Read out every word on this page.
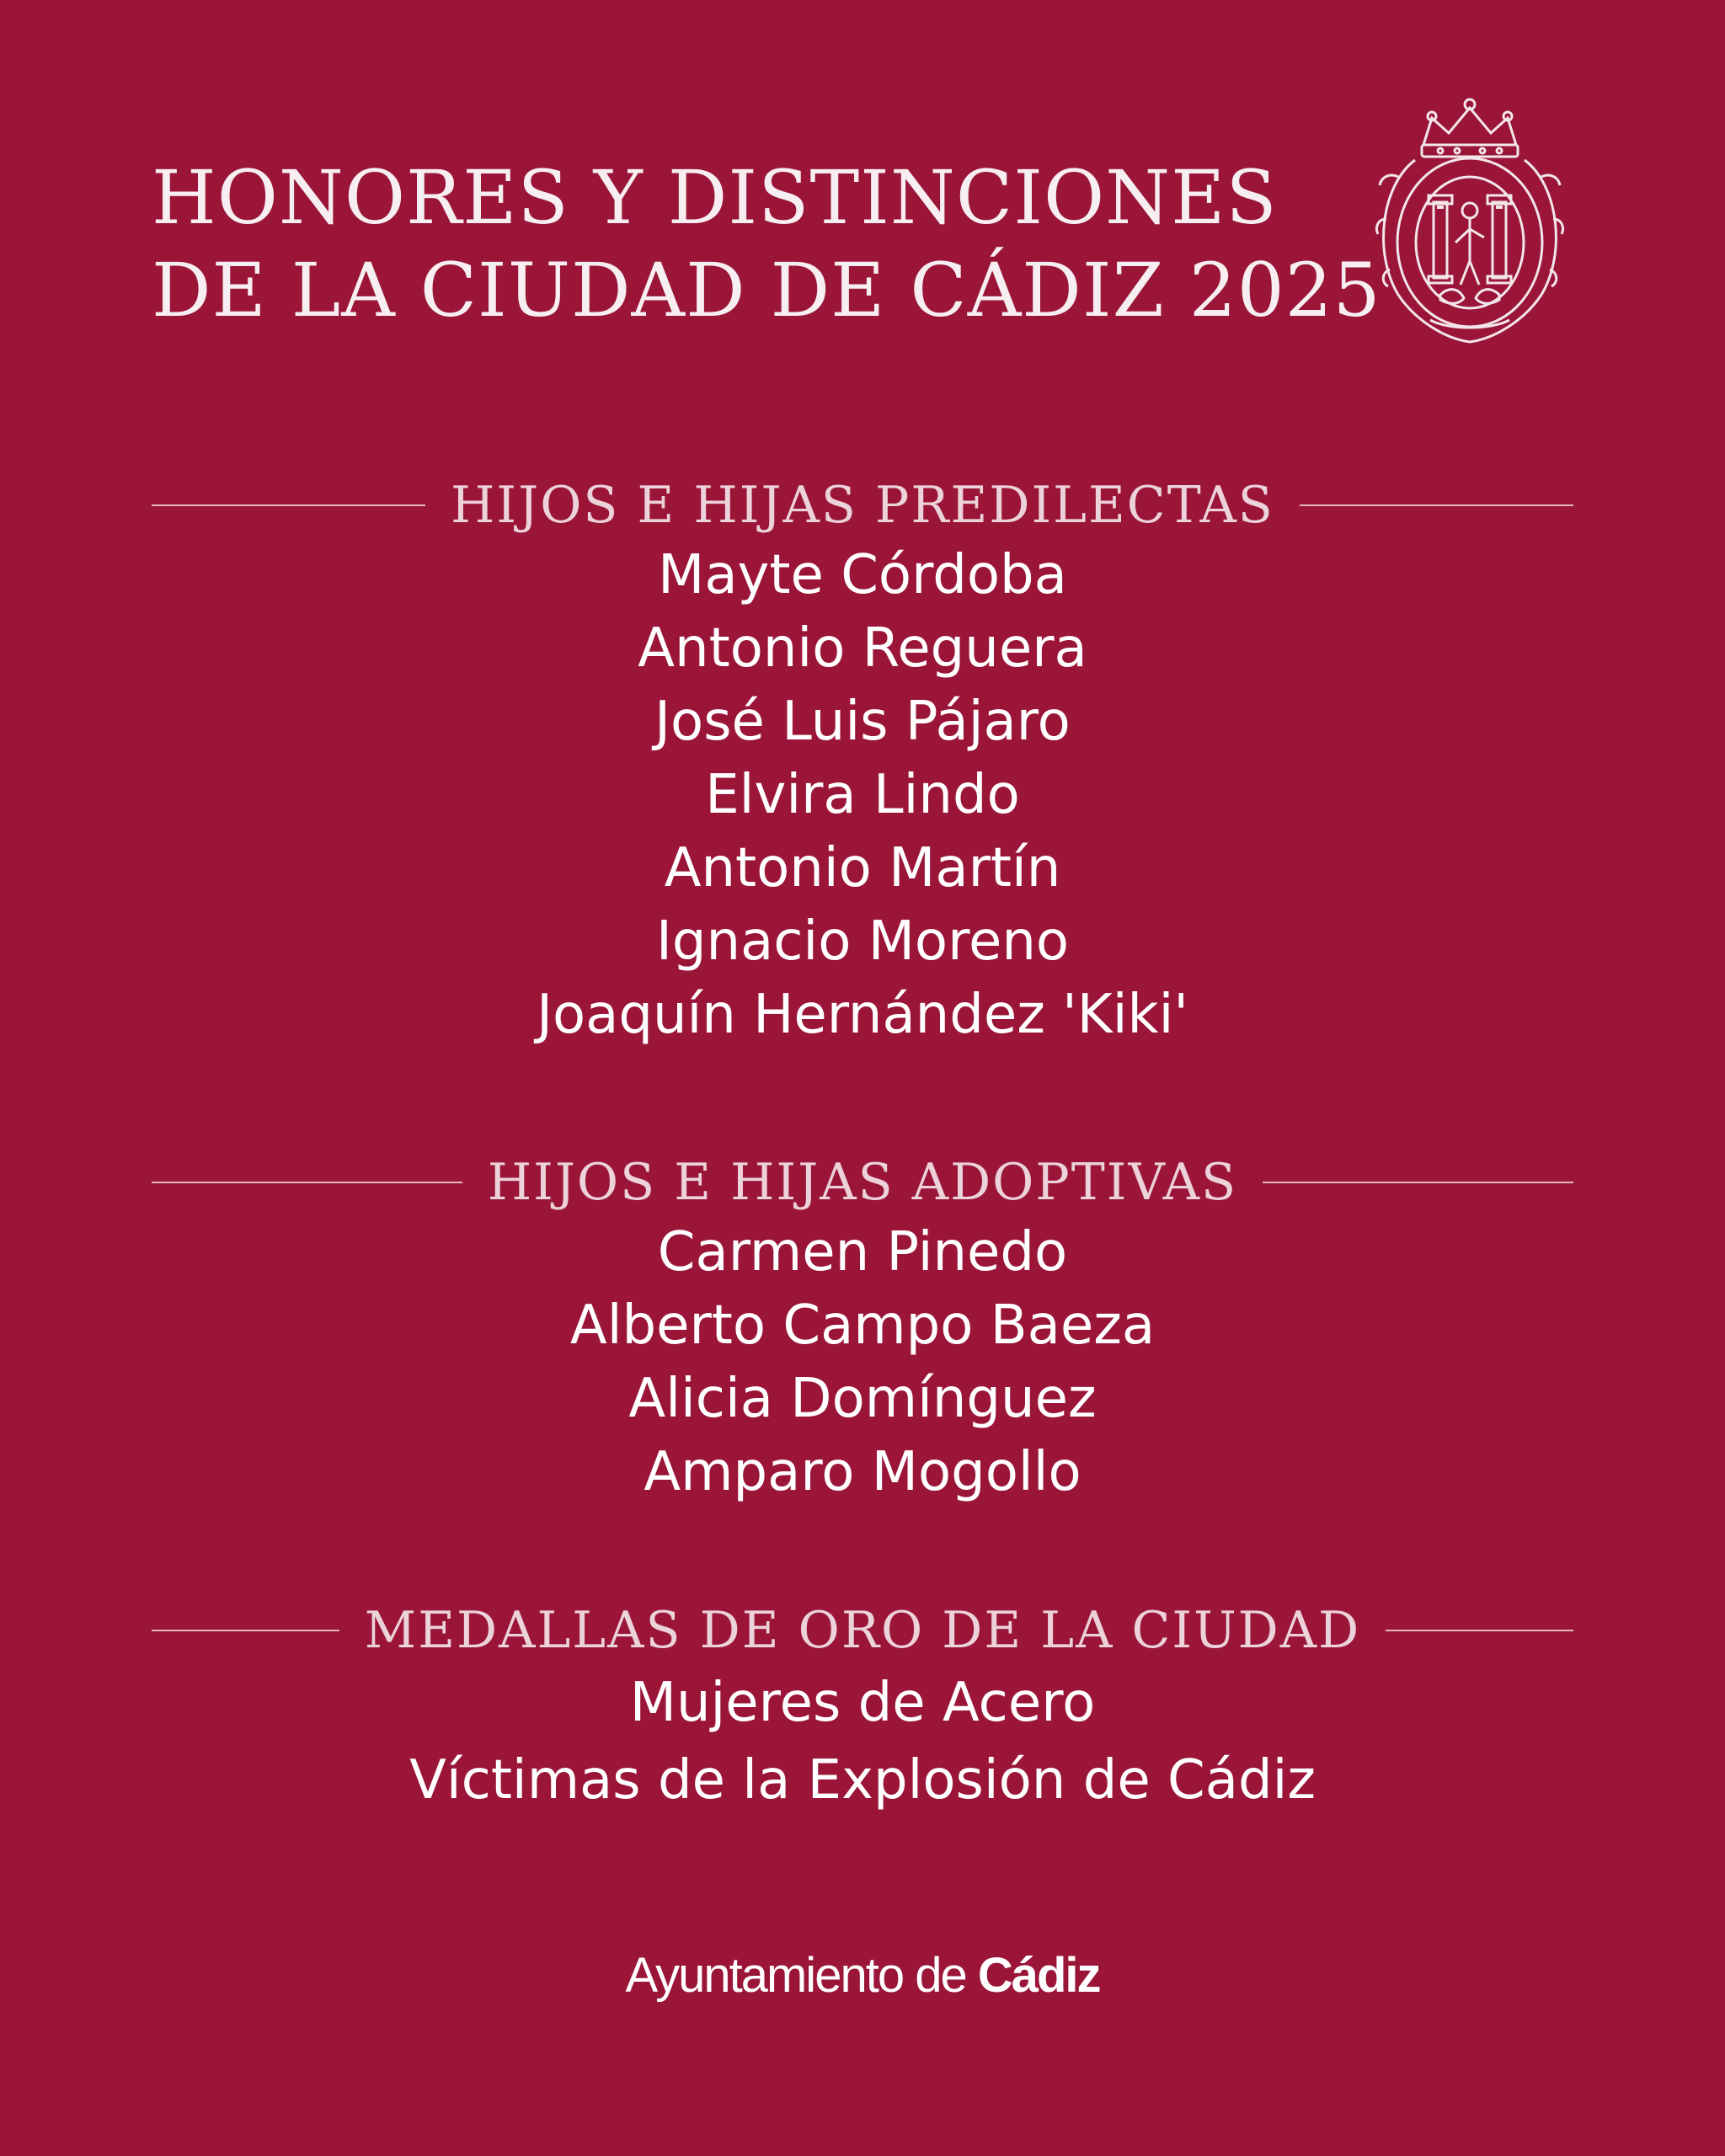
HONORES Y DISTINCIONES
DE LA CIUDAD DE CÁDIZ 2025
HIJOS E HIJAS PREDILECTAS
Mayte Córdoba
Antonio Reguera
José Luis Pájaro
Elvira Lindo
Antonio Martín
Ignacio Moreno
Joaquín Hernández 'Kiki'
HIJOS E HIJAS ADOPTIVAS
Carmen Pinedo
Alberto Campo Baeza
Alicia Domínguez
Amparo Mogollo
MEDALLAS DE ORO DE LA CIUDAD
Mujeres de Acero
Víctimas de la Explosión de Cádiz
Ayuntamiento de Cádiz
